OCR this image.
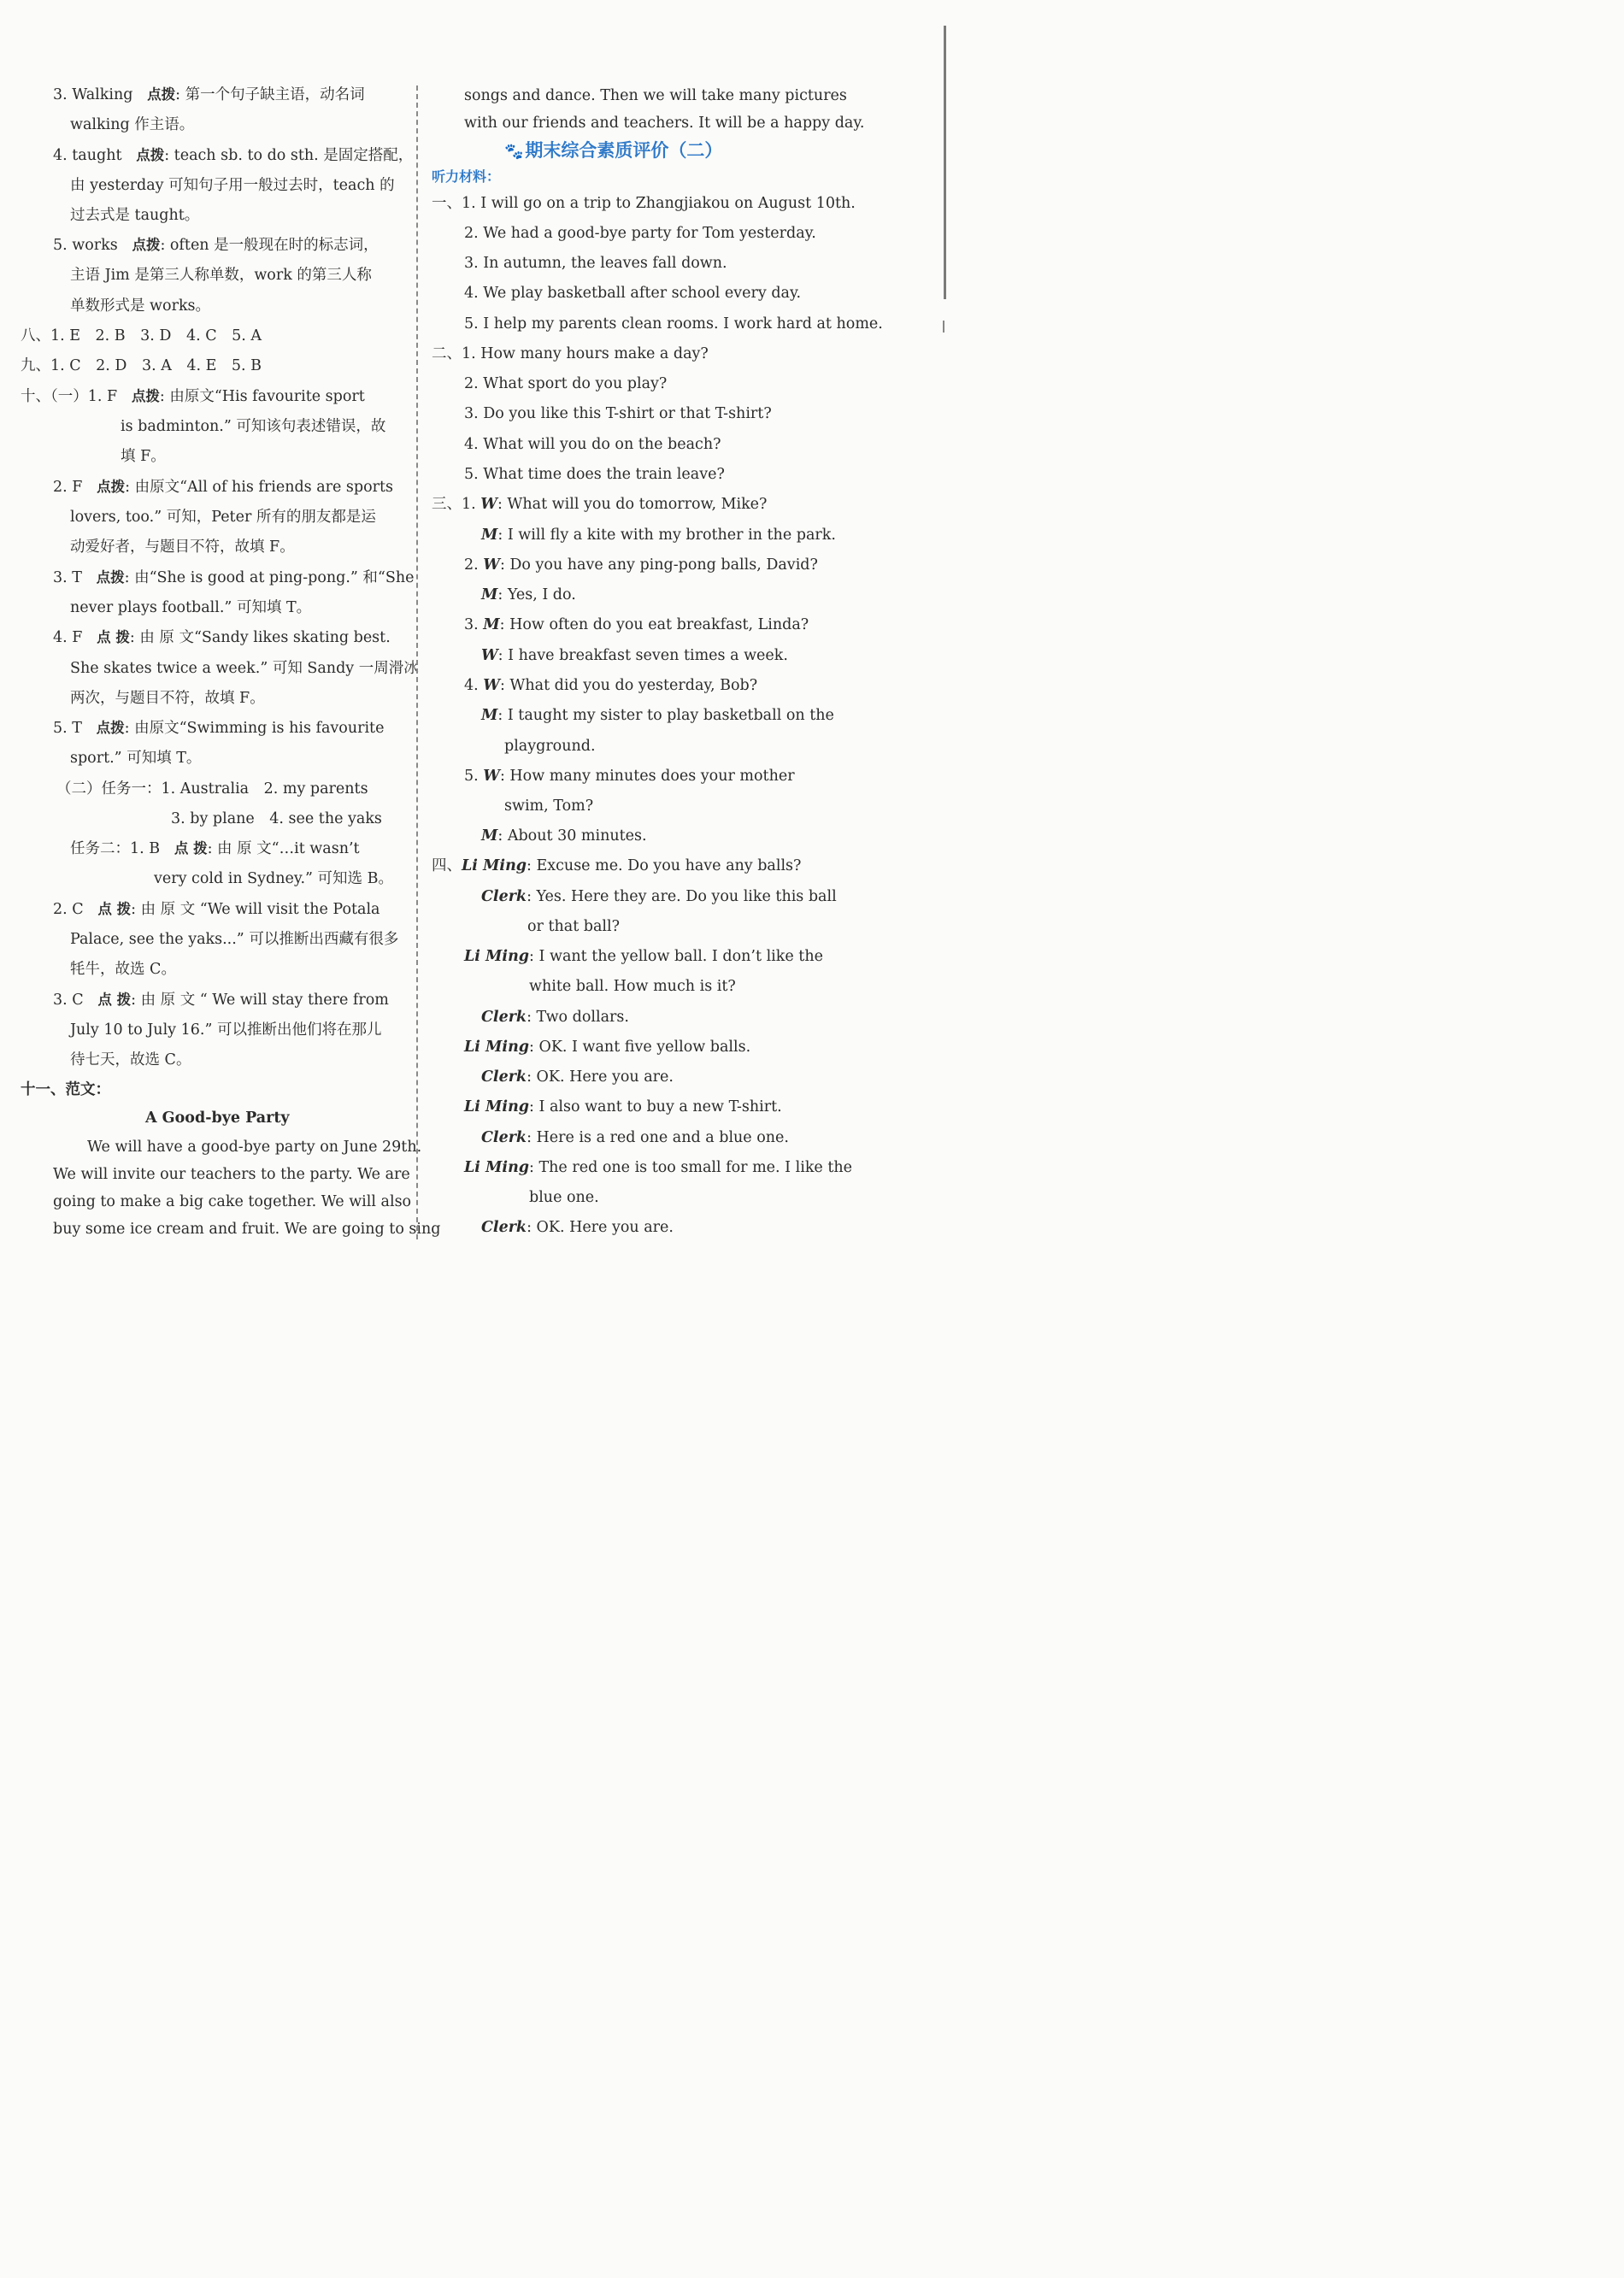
3. Walking 点拨: 第一个句子缺主语，动名词
walking 作主语。
4. taught 点拨: teach sb. to do sth. 是固定搭配，
由 yesterday 可知句子用一般过去时，teach 的
过去式是 taught。
5. works 点拨: often 是一般现在时的标志词，
主语 Jim 是第三人称单数，work 的第三人称
单数形式是 works。
八、1. E　2. B　3. D　4. C　5. A
九、1. C　2. D　3. A　4. E　5. B
十、（一）1. F 点拨: 由原文“His favourite sport
is badminton.” 可知该句表述错误，故
填 F。
2. F 点拨: 由原文“All of his friends are sports
lovers, too.” 可知，Peter 所有的朋友都是运
动爱好者，与题目不符，故填 F。
3. T 点拨: 由“She is good at ping-pong.” 和“She
never plays football.” 可知填 T。
4. F 点 拨: 由 原 文“Sandy likes skating best.
She skates twice a week.” 可知 Sandy 一周滑冰
两次，与题目不符，故填 F。
5. T 点拨: 由原文“Swimming is his favourite
sport.” 可知填 T。
（二）任务一：1. Australia　2. my parents
3. by plane　4. see the yaks
任务二：1. B 点 拨: 由 原 文“…it wasn’t
very cold in Sydney.” 可知选 B。
2. C 点 拨: 由 原 文 “We will visit the Potala
Palace, see the yaks...” 可以推断出西藏有很多
牦牛，故选 C。
3. C 点 拨: 由 原 文 “ We will stay there from
July 10 to July 16.” 可以推断出他们将在那儿
待七天，故选 C。
十一、范文：
A Good-bye Party
We will have a good-bye party on June 29th.
We will invite our teachers to the party. We are
going to make a big cake together. We will also
buy some ice cream and fruit. We are going to sing
songs and dance. Then we will take many pictures
with our friends and teachers. It will be a happy day.
🐾期末综合素质评价（二）
听力材料：
一、1. I will go on a trip to Zhangjiakou on August 10th.
2. We had a good-bye party for Tom yesterday.
3. In autumn, the leaves fall down.
4. We play basketball after school every day.
5. I help my parents clean rooms. I work hard at home.
二、1. How many hours make a day?
2. What sport do you play?
3. Do you like this T-shirt or that T-shirt?
4. What will you do on the beach?
5. What time does the train leave?
三、1. W: What will you do tomorrow, Mike?
M: I will fly a kite with my brother in the park.
2. W: Do you have any ping-pong balls, David?
M: Yes, I do.
3. M: How often do you eat breakfast, Linda?
W: I have breakfast seven times a week.
4. W: What did you do yesterday, Bob?
M: I taught my sister to play basketball on the
playground.
5. W: How many minutes does your mother
swim, Tom?
M: About 30 minutes.
四、Li Ming: Excuse me. Do you have any balls?
Clerk: Yes. Here they are. Do you like this ball
or that ball?
Li Ming: I want the yellow ball. I don’t like the
white ball. How much is it?
Clerk: Two dollars.
Li Ming: OK. I want five yellow balls.
Clerk: OK. Here you are.
Li Ming: I also want to buy a new T-shirt.
Clerk: Here is a red one and a blue one.
Li Ming: The red one is too small for me. I like the
blue one.
Clerk: OK. Here you are.
